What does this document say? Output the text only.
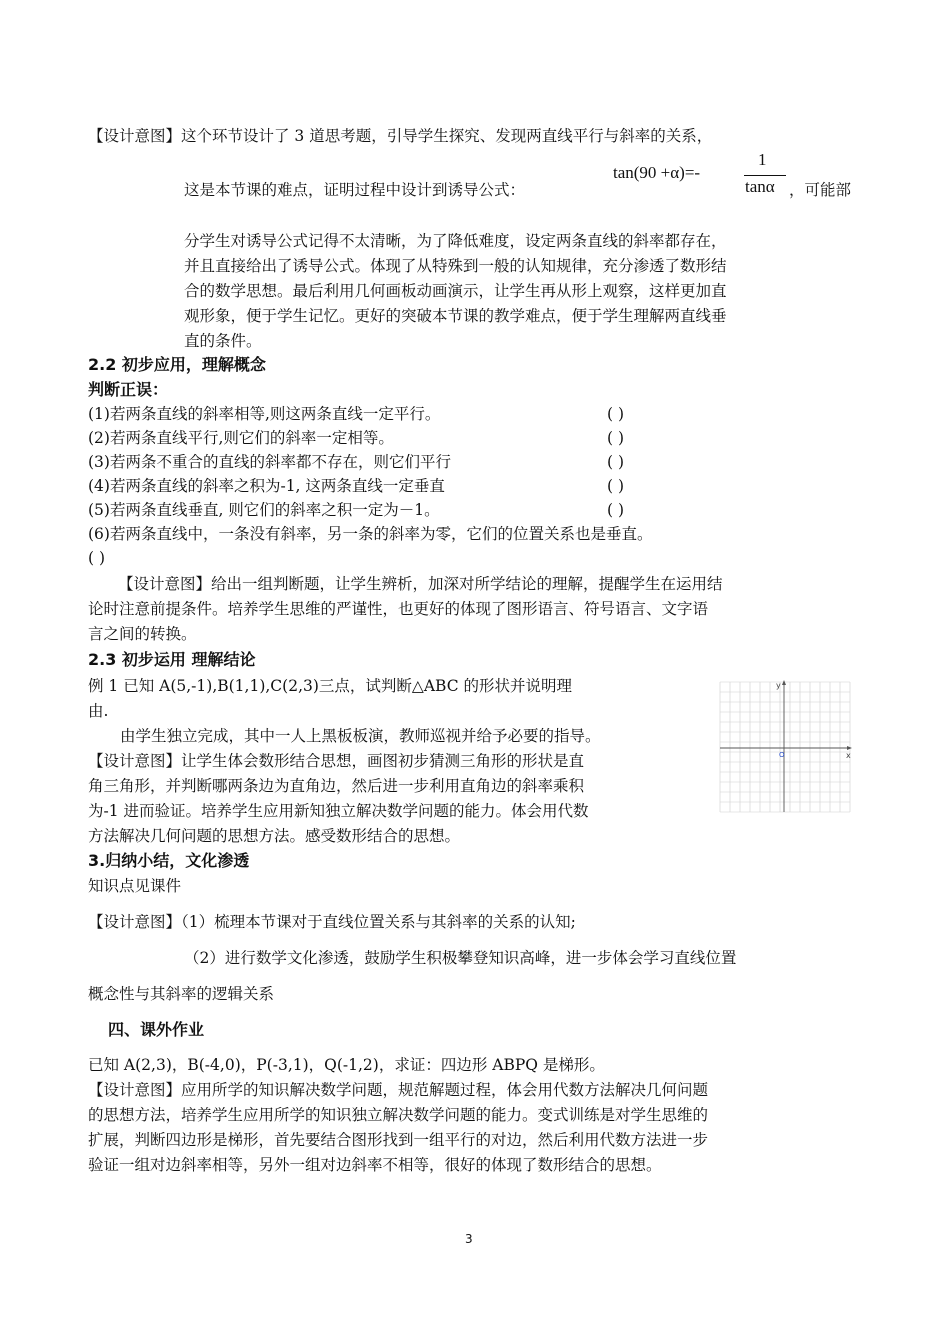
【设计意图】这个环节设计了 3 道思考题，引导学生探究、发现两直线平行与斜率的关系，
这是本节课的难点，证明过程中设计到诱导公式：
tan(90 +α)=-
1
tanα ，可能部
分学生对诱导公式记得不太清晰，为了降低难度，设定两条直线的斜率都存在，
并且直接给出了诱导公式。体现了从特殊到一般的认知规律，充分渗透了数形结
合的数学思想。最后利用几何画板动画演示，让学生再从形上观察，这样更加直
观形象，便于学生记忆。更好的突破本节课的教学难点，便于学生理解两直线垂
直的条件。
2.2 初步应用，理解概念
判断正误：
(1)若两条直线的斜率相等,则这两条直线一定平行。	( )
(2)若两条直线平行,则它们的斜率一定相等。	( )
(3)若两条不重合的直线的斜率都不存在，则它们平行	( )
(4)若两条直线的斜率之积为-1, 这两条直线一定垂直	( )
(5)若两条直线垂直, 则它们的斜率之积一定为－1。	( )
(6)若两条直线中，一条没有斜率，另一条的斜率为零，它们的位置关系也是垂直。
( )
【设计意图】给出一组判断题，让学生辨析，加深对所学结论的理解，提醒学生在运用结
论时注意前提条件。培养学生思维的严谨性，也更好的体现了图形语言、符号语言、文字语
言之间的转换。
2.3 初步运用 理解结论
例 1 已知 A(5,-1),B(1,1),C(2,3)三点，试判断△ABC 的形状并说明理
由.
由学生独立完成，其中一人上黑板板演，教师巡视并给予必要的指导。
【设计意图】让学生体会数形结合思想，画图初步猜测三角形的形状是直
角三角形，并判断哪两条边为直角边，然后进一步利用直角边的斜率乘积
为-1 进而验证。培养学生应用新知独立解决数学问题的能力。体会用代数
方法解决几何问题的思想方法。感受数形结合的思想。
x
y
O
3.归纳小结，文化渗透
知识点见课件
【设计意图】（1）梳理本节课对于直线位置关系与其斜率的关系的认知;
（2）进行数学文化渗透，鼓励学生积极攀登知识高峰，进一步体会学习直线位置
概念性与其斜率的逻辑关系
四、课外作业
已知 A(2,3)，B(-4,0)，P(-3,1)，Q(-1,2)，求证：四边形 ABPQ 是梯形。
【设计意图】应用所学的知识解决数学问题，规范解题过程，体会用代数方法解决几何问题
的思想方法，培养学生应用所学的知识独立解决数学问题的能力。变式训练是对学生思维的
扩展，判断四边形是梯形，首先要结合图形找到一组平行的对边，然后利用代数方法进一步
验证一组对边斜率相等，另外一组对边斜率不相等，很好的体现了数形结合的思想。
3
